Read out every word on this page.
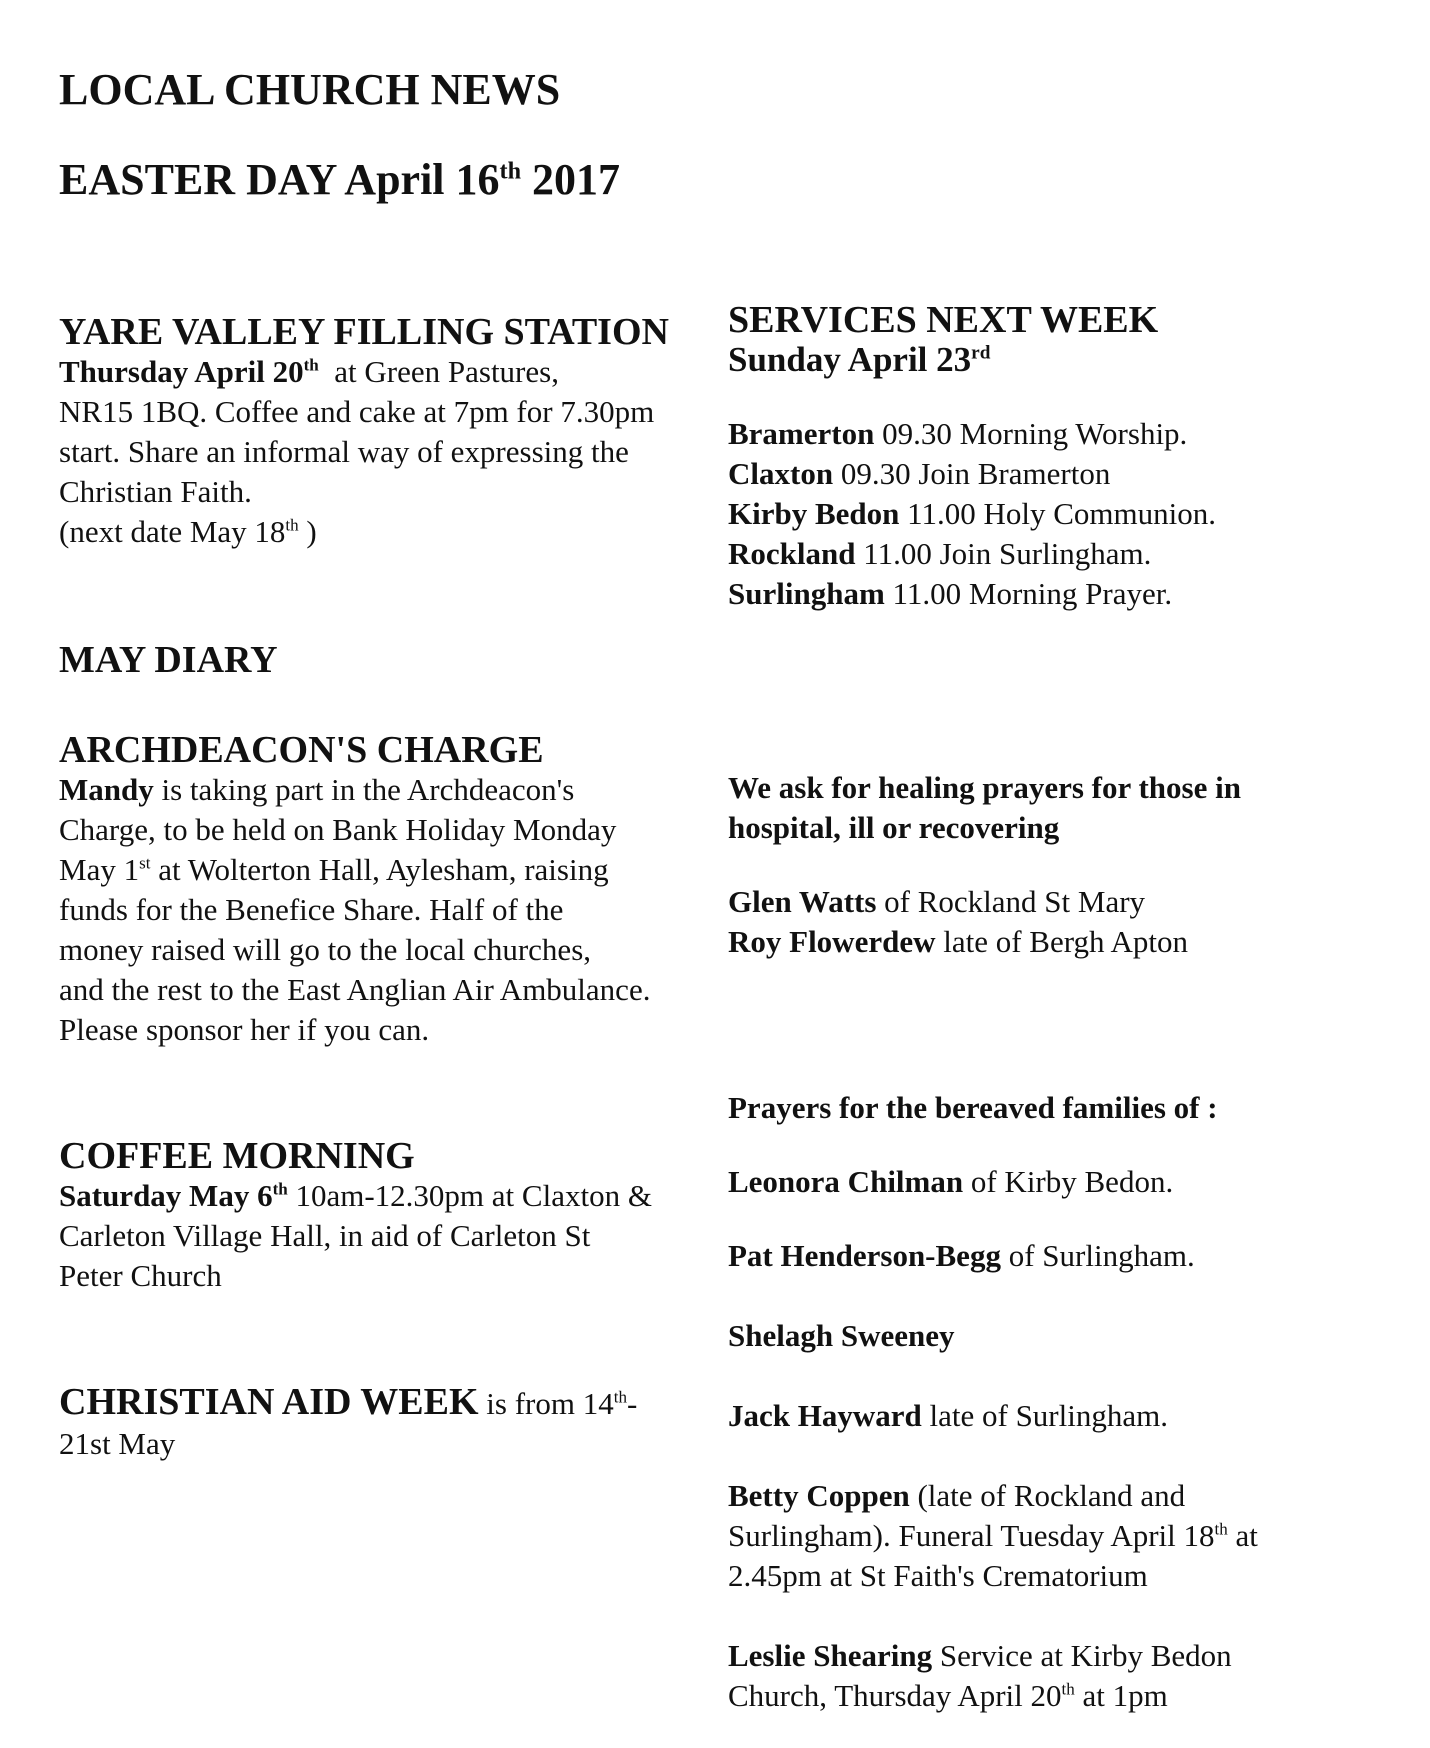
LOCAL CHURCH NEWS
EASTER DAY April 16th 2017
YARE VALLEY FILLING STATION
Thursday April 20th  at Green Pastures,
NR15 1BQ. Coffee and cake at 7pm for 7.30pm
start. Share an informal way of expressing the
Christian Faith.
(next date May 18th )
MAY DIARY
ARCHDEACON'S CHARGE
Mandy is taking part in the Archdeacon's
Charge, to be held on Bank Holiday Monday
May 1st at Wolterton Hall, Aylesham, raising
funds for the Benefice Share. Half of the
money raised will go to the local churches,
and the rest to the East Anglian Air Ambulance.
Please sponsor her if you can.
COFFEE MORNING
Saturday May 6th 10am-12.30pm at Claxton &
Carleton Village Hall, in aid of Carleton St
Peter Church
CHRISTIAN AID WEEK is from 14th-
21st May
SERVICES NEXT WEEK
Sunday April 23rd
Bramerton 09.30 Morning Worship.
Claxton 09.30 Join Bramerton
Kirby Bedon 11.00 Holy Communion.
Rockland 11.00 Join Surlingham.
Surlingham 11.00 Morning Prayer.
We ask for healing prayers for those in
hospital, ill or recovering
Glen Watts of Rockland St Mary
Roy Flowerdew late of Bergh Apton
Prayers for the bereaved families of :
Leonora Chilman of Kirby Bedon.
Pat Henderson-Begg of Surlingham.
Shelagh Sweeney
Jack Hayward late of Surlingham.
Betty Coppen (late of Rockland and
Surlingham). Funeral Tuesday April 18th at
2.45pm at St Faith's Crematorium
Leslie Shearing Service at Kirby Bedon
Church, Thursday April 20th at 1pm
